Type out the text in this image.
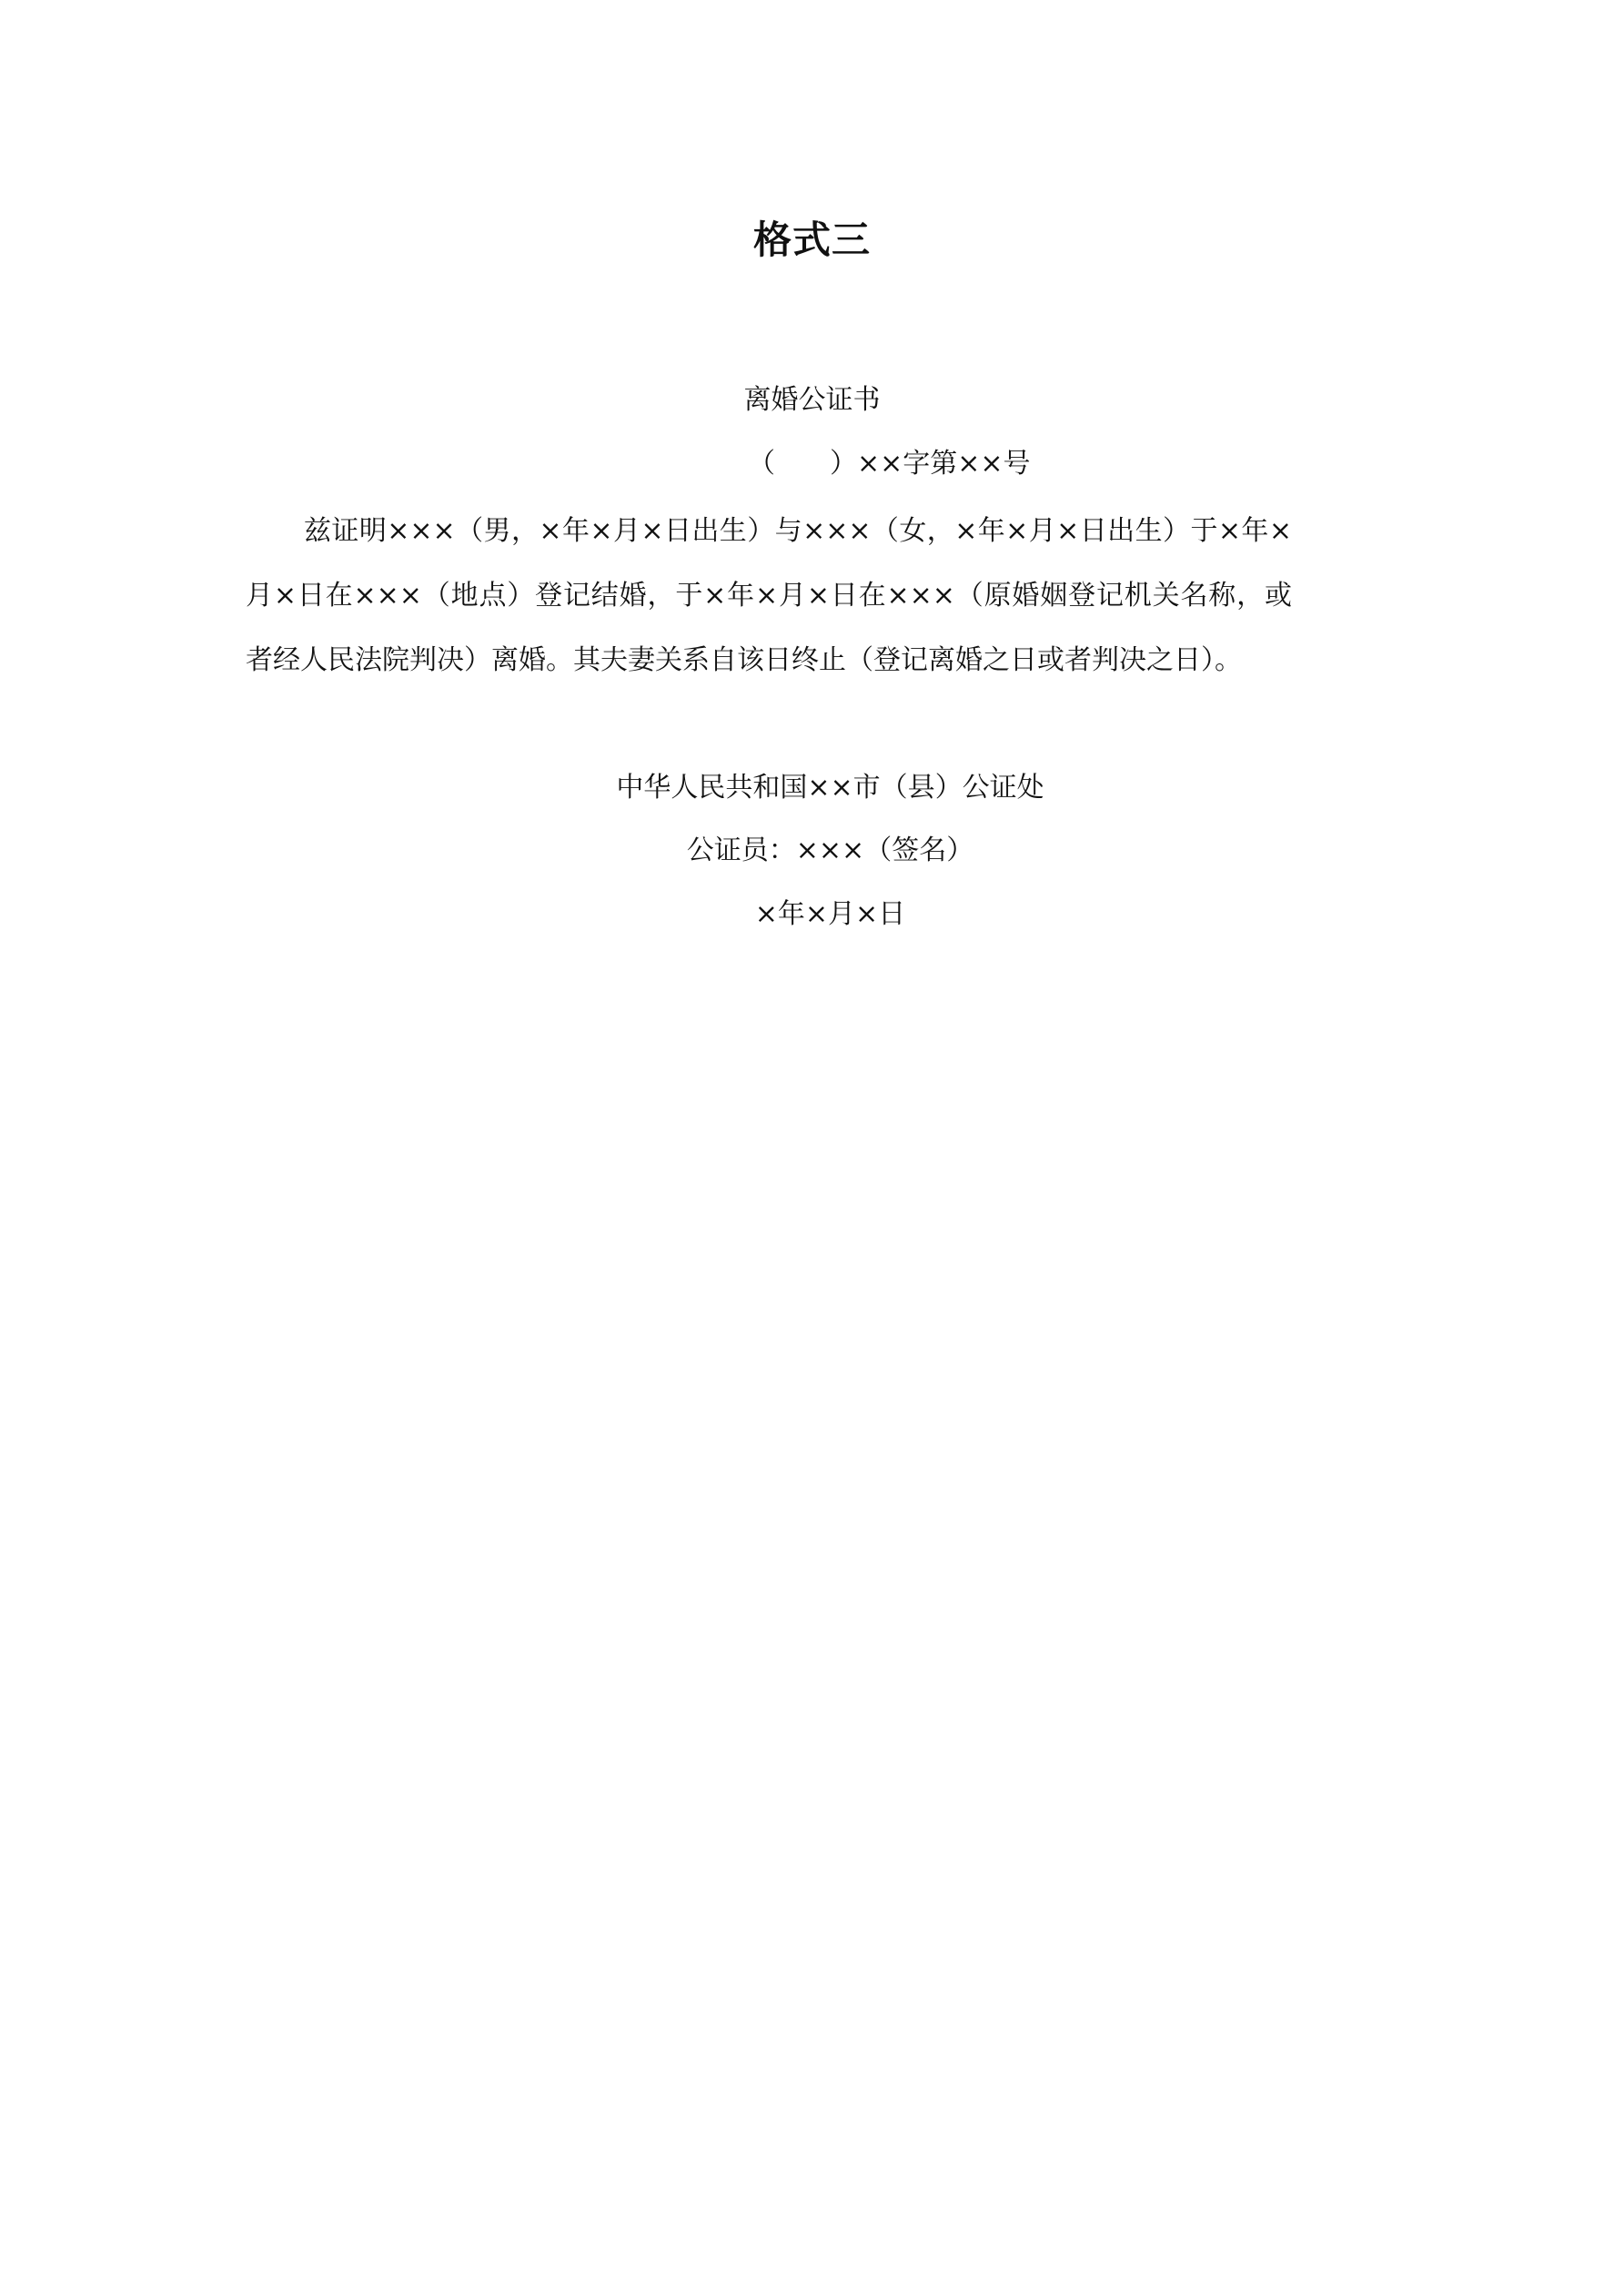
格式三
离婚公证书
（　　）××字第××号

兹证明×××（男，×年×月×日出生）与×××（女，×年×月×日出生）于×年×月×日在×××（地点）登记结婚，于×年×月×日在×××（原婚姻登记机关名称，或者经人民法院判决）离婚。其夫妻关系自该日终止（登记离婚之日或者判决之日）。

中华人民共和国××市（县）公证处
公证员：×××（签名）
×年×月×日
